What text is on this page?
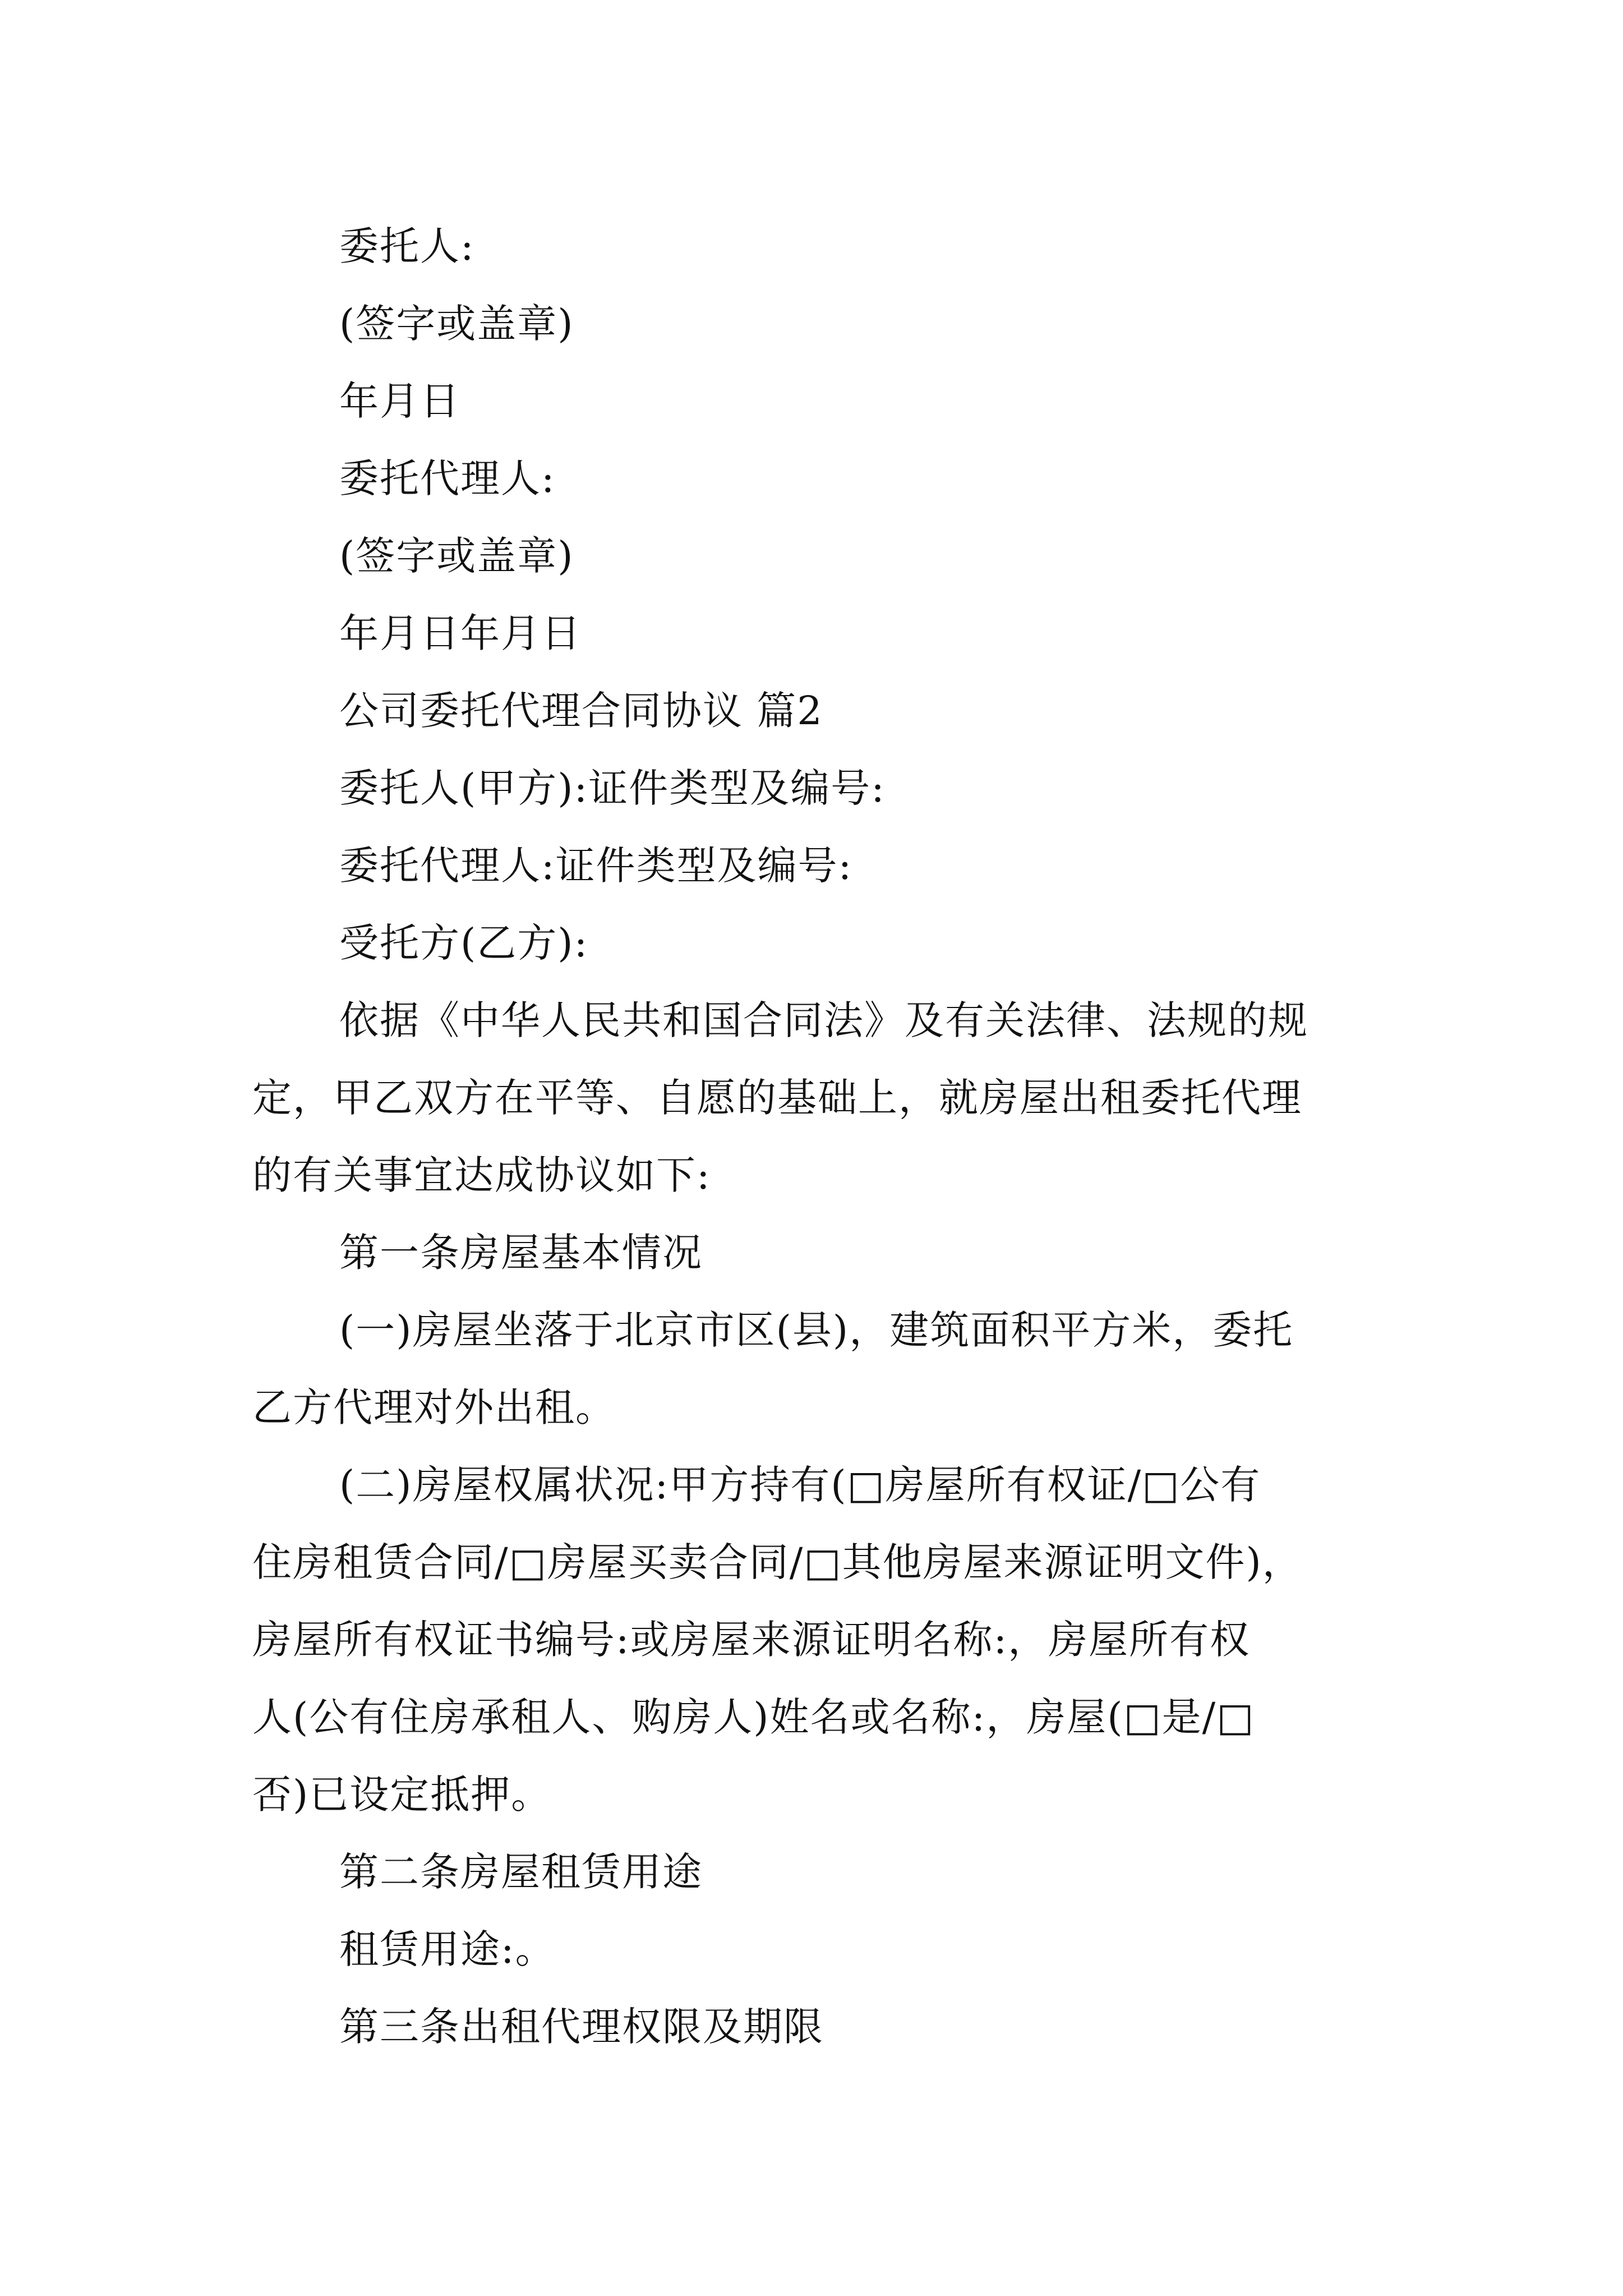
委托人:
(签字或盖章)
年月日
委托代理人:
(签字或盖章)
年月日年月日
公司委托代理合同协议 篇2
委托人(甲方):证件类型及编号:
委托代理人:证件类型及编号:
受托方(乙方):
依据《中华人民共和国合同法》及有关法律、法规的规
定，甲乙双方在平等、自愿的基础上，就房屋出租委托代理
的有关事宜达成协议如下:
第一条房屋基本情况
(一)房屋坐落于北京市区(县)，建筑面积平方米，委托
乙方代理对外出租。
(二)房屋权属状况:甲方持有(□房屋所有权证/□公有
住房租赁合同/□房屋买卖合同/□其他房屋来源证明文件)，
房屋所有权证书编号:或房屋来源证明名称:，房屋所有权
人(公有住房承租人、购房人)姓名或名称:，房屋(□是/□
否)已设定抵押。
第二条房屋租赁用途
租赁用途:。
第三条出租代理权限及期限
